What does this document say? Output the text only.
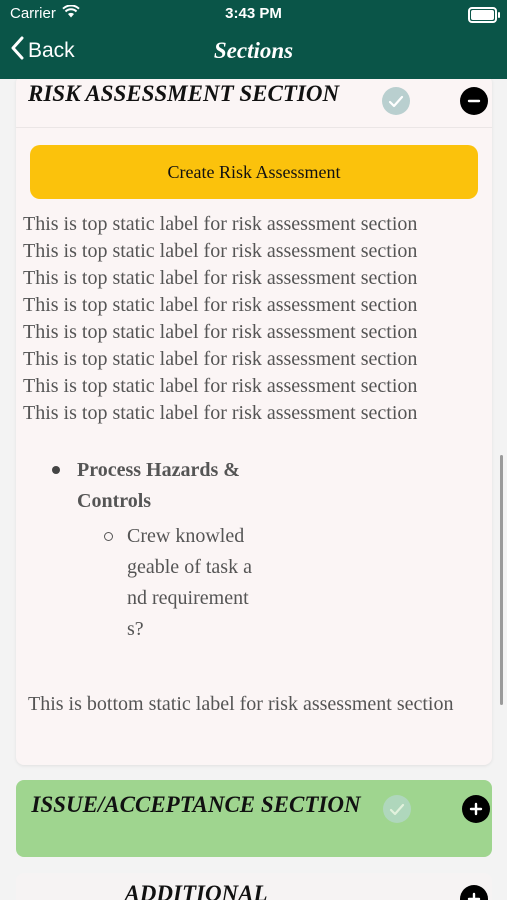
Carrier	3:43 PM
Back	Sections
RISK ASSESSMENT SECTION
Create Risk Assessment
This is top static label for risk assessment section
This is top static label for risk assessment section
This is top static label for risk assessment section
This is top static label for risk assessment section
This is top static label for risk assessment section
This is top static label for risk assessment section
This is top static label for risk assessment section
This is top static label for risk assessment section
Process Hazards & Controls
Crew knowledgeable of task and requirements?
This is bottom static label for risk assessment section
ISSUE/ACCEPTANCE SECTION
ADDITIONAL
